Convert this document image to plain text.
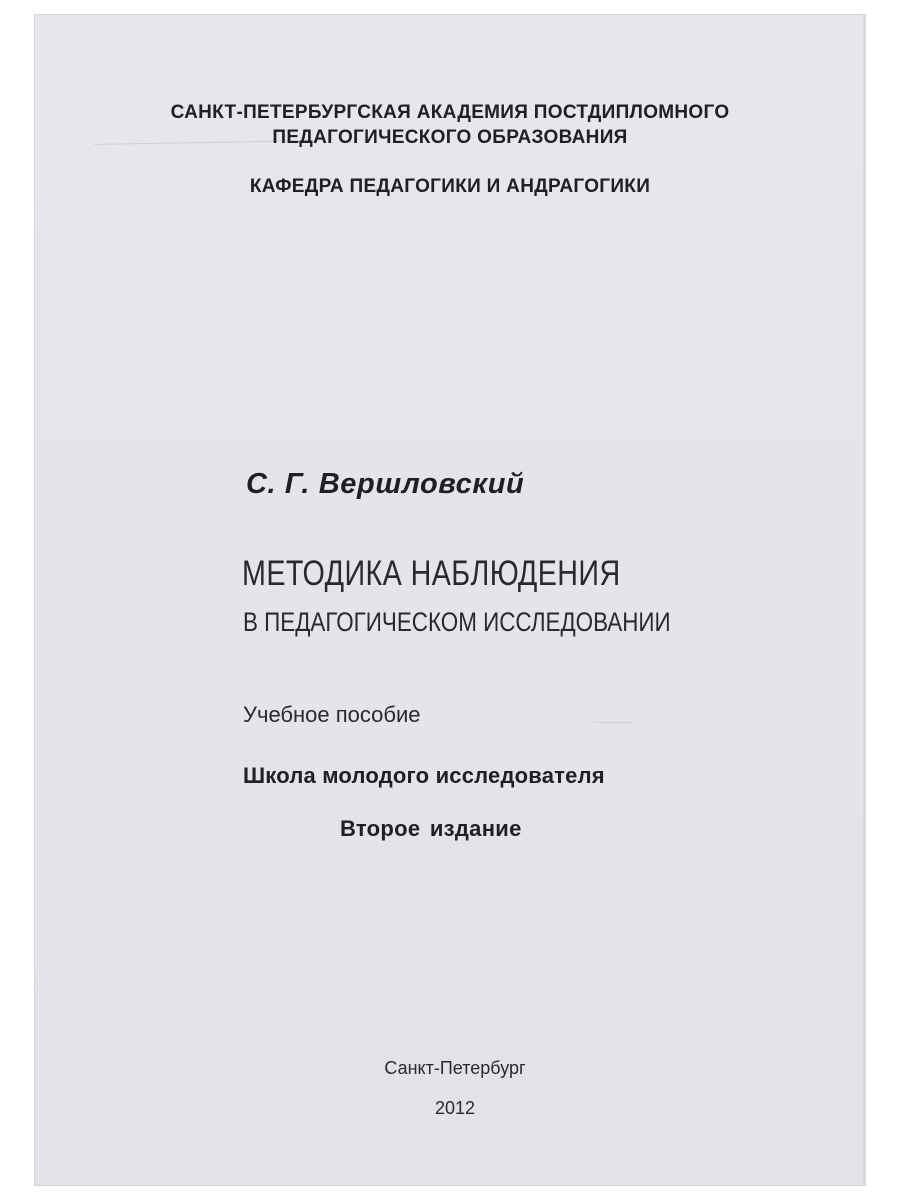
САНКТ-ПЕТЕРБУРГСКАЯ АКАДЕМИЯ ПОСТДИПЛОМНОГО

ПЕДАГОГИЧЕСКОГО ОБРАЗОВАНИЯ

КАФЕДРА ПЕДАГОГИКИ И АНДРАГОГИКИ

С. Г. Вершловский

МЕТОДИКА НАБЛЮДЕНИЯ

В ПЕДАГОГИЧЕСКОМ ИССЛЕДОВАНИИ

Учебное пособие

Школа молодого исследователя

Второе издание

Санкт-Петербург

2012
